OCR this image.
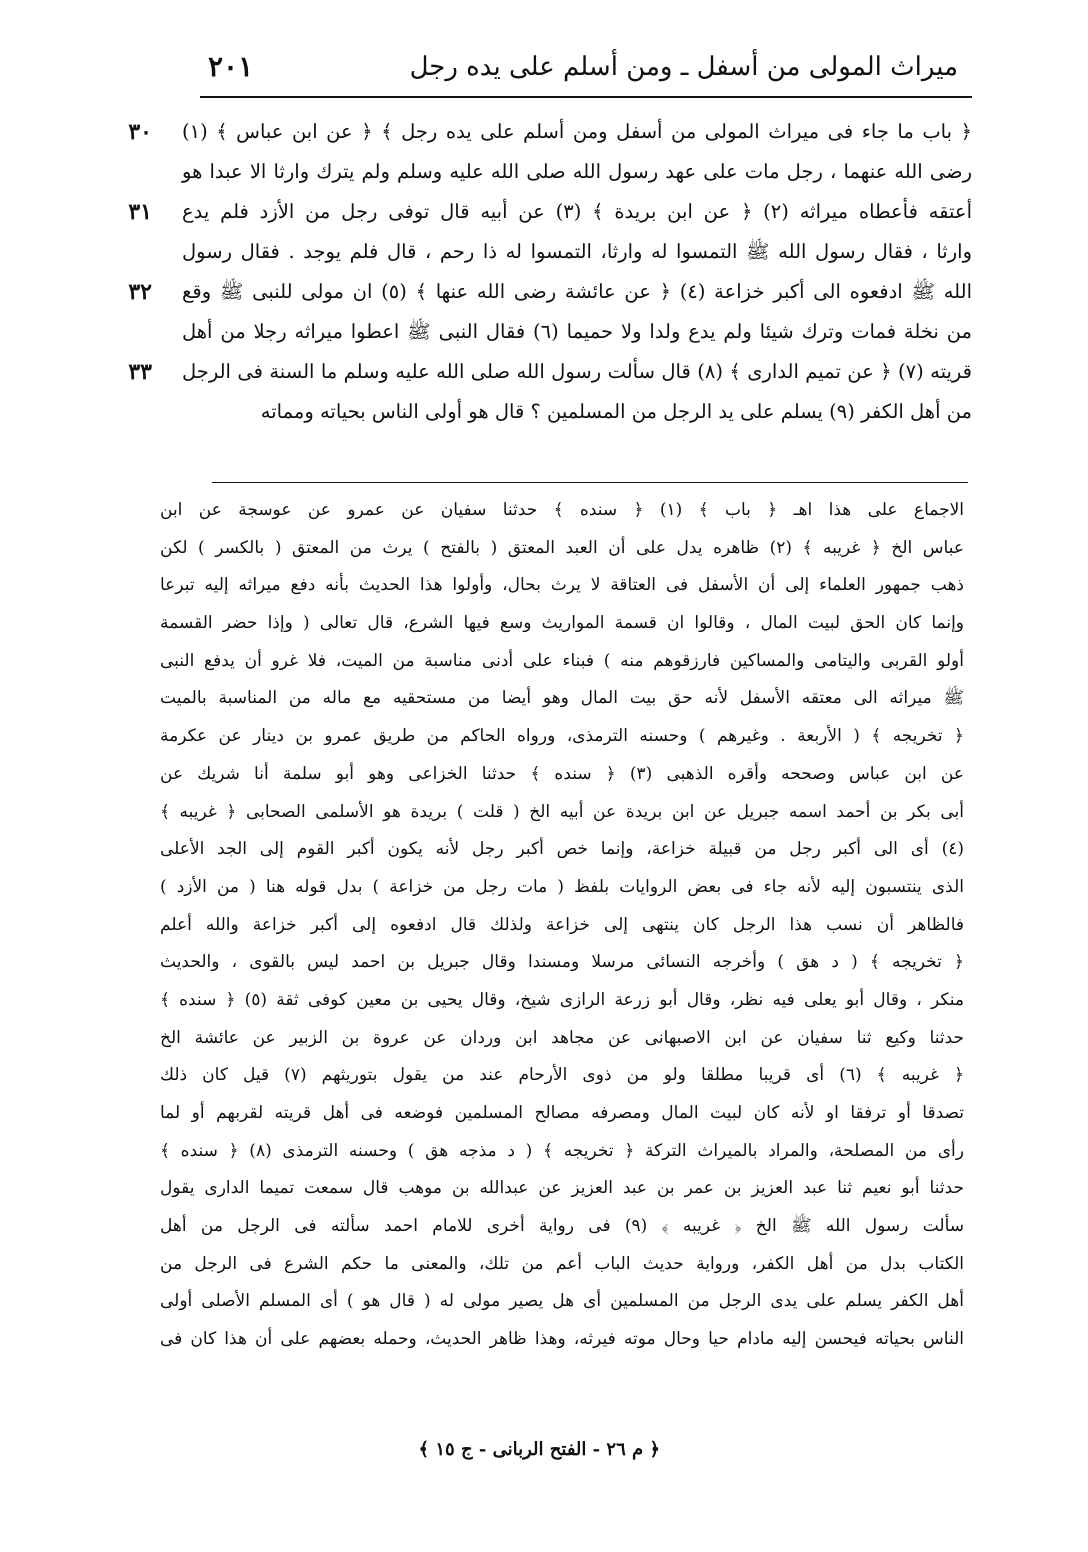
٢٠١	ميراث المولى من أسفل ـ ومن أسلم على يده رجل
٣٠ ﴿ باب ما جاء فى ميراث المولى من أسفل ومن أسلم على يده رجل ﴾ ﴿ عن ابن عباس ﴾ (١)
رضى الله عنهما ، رجل مات على عهد رسول الله صلى الله عليه وسلم ولم يترك وارثا الا عبدا هو
٣١ أعتقه فأعطاه ميراثه (٢) ﴿ عن ابن بريدة ﴾ (٣) عن أبيه قال توفى رجل من الأزد فلم يدع
وارثا ، فقال رسول الله ﷺ التمسوا له وارثا، التمسوا له ذا رحم ، قال فلم يوجد . فقال رسول
٣٢ الله ﷺ ادفعوه الى أكبر خزاعة (٤) ﴿ عن عائشة رضى الله عنها ﴾ (٥) ان مولى للنبى ﷺ وقع
من نخلة فمات وترك شيئا ولم يدع ولدا ولا حميما (٦) فقال النبى ﷺ اعطوا ميراثه رجلا من أهل
٣٣ قريته (٧) ﴿ عن تميم الدارى ﴾ (٨) قال سألت رسول الله صلى الله عليه وسلم ما السنة فى الرجل
من أهل الكفر (٩) يسلم على يد الرجل من المسلمين ؟ قال هو أولى الناس بحياته ومماته
الاجماع على هذا اهـ ﴿ باب ﴾ (١) ﴿ سنده ﴾ حدثنا سفيان عن عمرو عن عوسجة عن ابن
عباس الخ ﴿ غريبه ﴾ (٢) ظاهره يدل على أن العبد المعتق ( بالفتح ) يرث من المعتق ( بالكسر ) لكن
ذهب جمهور العلماء إلى أن الأسفل فى العتاقة لا يرث بحال، وأولوا هذا الحديث بأنه دفع ميراثه إليه تبرعا
وإنما كان الحق لبيت المال ، وقالوا ان قسمة المواريث وسع فيها الشرع، قال تعالى ( وإذا حضر القسمة
أولو القربى واليتامى والمساكين فارزقوهم منه ) فبناء على أدنى مناسبة من الميت، فلا غرو أن يدفع النبى
ﷺ ميراثه الى معتقه الأسفل لأنه حق بيت المال وهو أيضا من مستحقيه مع ماله من المناسبة بالميت
﴿ تخريجه ﴾ ( الأربعة . وغيرهم ) وحسنه الترمذى، ورواه الحاكم من طريق عمرو بن دينار عن عكرمة
عن ابن عباس وصححه وأقره الذهبى (٣) ﴿ سنده ﴾ حدثنا الخزاعى وهو أبو سلمة أنا شريك عن
أبى بكر بن أحمد اسمه جبريل عن ابن بريدة عن أبيه الخ ( قلت ) بريدة هو الأسلمى الصحابى ﴿ غريبه ﴾
(٤) أى الى أكبر رجل من قبيلة خزاعة، وإنما خص أكبر رجل لأنه يكون أكبر القوم إلى الجد الأعلى
الذى ينتسبون إليه لأنه جاء فى بعض الروايات بلفظ ( مات رجل من خزاعة ) بدل قوله هنا ( من الأزد )
فالظاهر أن نسب هذا الرجل كان ينتهى إلى خزاعة ولذلك قال ادفعوه إلى أكبر خزاعة والله أعلم
﴿ تخريجه ﴾ ( د هق ) وأخرجه النسائى مرسلا ومسندا وقال جبريل بن احمد ليس بالقوى ، والحديث
منكر ، وقال أبو يعلى فيه نظر، وقال أبو زرعة الرازى شيخ، وقال يحيى بن معين كوفى ثقة (٥) ﴿ سنده ﴾
حدثنا وكيع ثنا سفيان عن ابن الاصبهانى عن مجاهد ابن وردان عن عروة بن الزبير عن عائشة الخ
﴿ غريبه ﴾ (٦) أى قريبا مطلقا ولو من ذوى الأرحام عند من يقول بتوريثهم (٧) قيل كان ذلك
تصدقا أو ترفقا او لأنه كان لبيت المال ومصرفه مصالح المسلمين فوضعه فى أهل قريته لقربهم أو لما
رأى من المصلحة، والمراد بالميراث التركة ﴿ تخريجه ﴾ ( د مذجه هق ) وحسنه الترمذى (٨) ﴿ سنده ﴾
حدثنا أبو نعيم ثنا عبد العزيز بن عمر بن عبد العزيز عن عبدالله بن موهب قال سمعت تميما الدارى يقول
سألت رسول الله ﷺ الخ ﴿ غريبه ﴾ (٩) فى رواية أخرى للامام احمد سألته فى الرجل من أهل
الكتاب بدل من أهل الكفر، ورواية حديث الباب أعم من تلك، والمعنى ما حكم الشرع فى الرجل من
أهل الكفر يسلم على يدى الرجل من المسلمين أى هل يصير مولى له ( قال هو ) أى المسلم الأصلى أولى
الناس بحياته فيحسن إليه مادام حيا وحال موته فيرثه، وهذا ظاهر الحديث، وحمله بعضهم على أن هذا كان فى
﴿ م ٢٦ - الفتح الربانى - ج ١٥ ﴾
